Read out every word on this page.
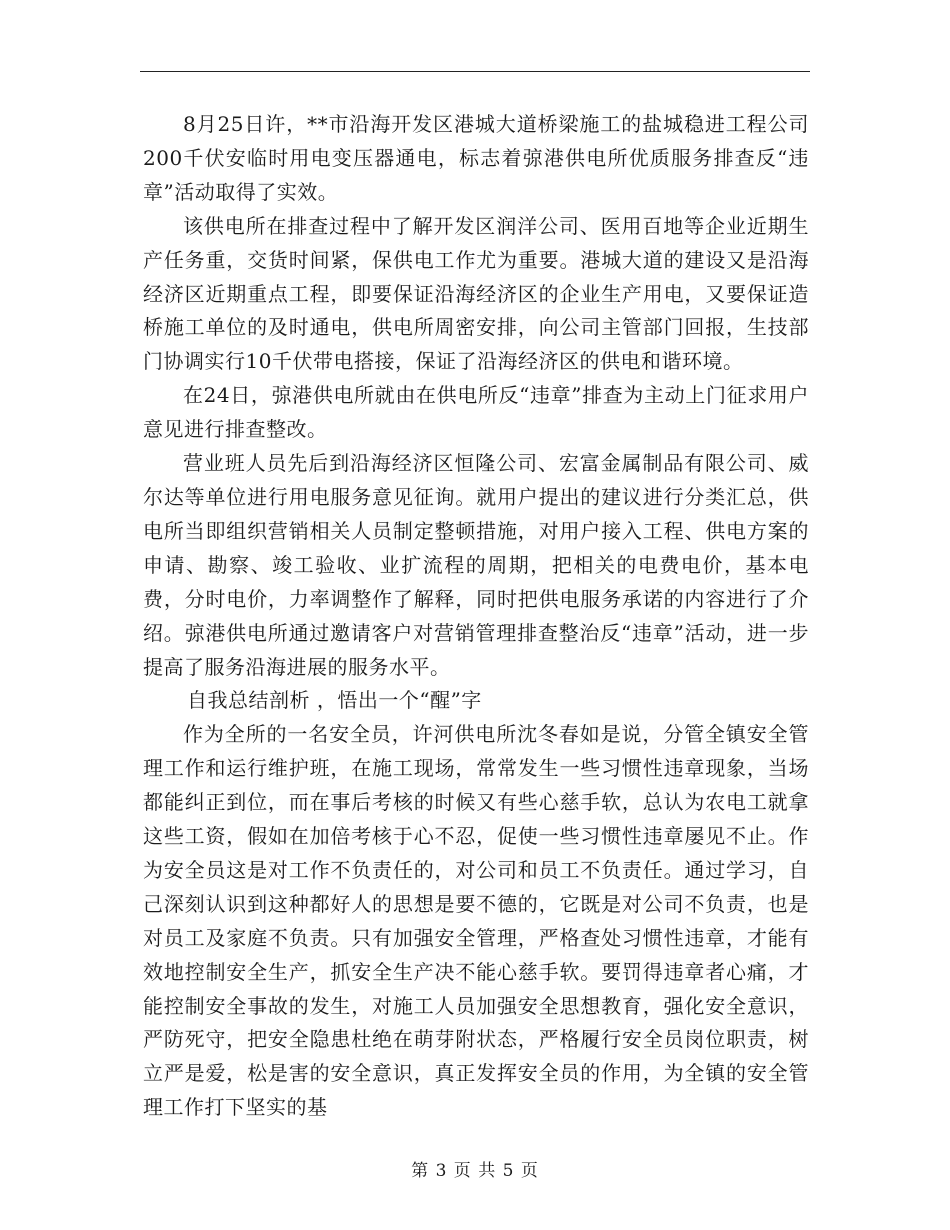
8月25日许，**市沿海开发区港城大道桥梁施工的盐城稳进工程公司200千伏安临时用电变压器通电，标志着弶港供电所优质服务排查反“违章”活动取得了实效。

该供电所在排查过程中了解开发区润洋公司、医用百地等企业近期生产任务重，交货时间紧，保供电工作尤为重要。港城大道的建设又是沿海经济区近期重点工程，即要保证沿海经济区的企业生产用电，又要保证造桥施工单位的及时通电，供电所周密安排，向公司主管部门回报，生技部门协调实行10千伏带电搭接，保证了沿海经济区的供电和谐环境。

在24日，弶港供电所就由在供电所反“违章”排查为主动上门征求用户意见进行排查整改。

营业班人员先后到沿海经济区恒隆公司、宏富金属制品有限公司、威尔达等单位进行用电服务意见征询。就用户提出的建议进行分类汇总，供电所当即组织营销相关人员制定整顿措施，对用户接入工程、供电方案的申请、勘察、竣工验收、业扩流程的周期，把相关的电费电价，基本电费，分时电价，力率调整作了解释，同时把供电服务承诺的内容进行了介绍。弶港供电所通过邀请客户对营销管理排查整治反“违章”活动，进一步提高了服务沿海进展的服务水平。

自我总结剖析 ，悟出一个“醒”字

作为全所的一名安全员，许河供电所沈冬春如是说，分管全镇安全管理工作和运行维护班，在施工现场，常常发生一些习惯性违章现象，当场都能纠正到位，而在事后考核的时候又有些心慈手软，总认为农电工就拿这些工资，假如在加倍考核于心不忍，促使一些习惯性违章屡见不止。作为安全员这是对工作不负责任的，对公司和员工不负责任。通过学习，自己深刻认识到这种都好人的思想是要不德的，它既是对公司不负责，也是对员工及家庭不负责。只有加强安全管理，严格查处习惯性违章，才能有效地控制安全生产，抓安全生产决不能心慈手软。要罚得违章者心痛，才能控制安全事故的发生，对施工人员加强安全思想教育，强化安全意识，严防死守，把安全隐患杜绝在萌芽附状态，严格履行安全员岗位职责，树立严是爱，松是害的安全意识，真正发挥安全员的作用，为全镇的安全管理工作打下坚实的基

第 3 页 共 5 页
